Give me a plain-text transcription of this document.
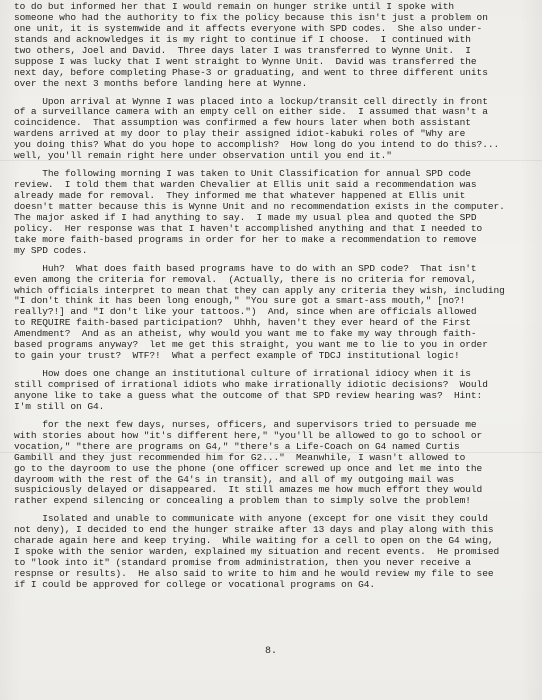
to do but informed her that I would remain on hunger strike until I spoke with
someone who had the authority to fix the policy because this isn't just a problem on
one unit, it is systemwide and it affects everyone with SPD codes.  She also under-
stands and acknowledges it is my right to continue if I choose.  I continued with
two others, Joel and David.  Three days later I was transferred to Wynne Unit.  I
suppose I was lucky that I went straight to Wynne Unit.  David was transferred the
next day, before completing Phase-3 or graduating, and went to three different units
over the next 3 months before landing here at Wynne.
Upon arrival at Wynne I was placed into a lockup/transit cell directly in front
of a surveillance camera with an empty cell on either side.  I assumed that wasn't a
coincidence.  That assumption was confirmed a few hours later when both assistant
wardens arrived at my door to play their assigned idiot-kabuki roles of "Why are
you doing this? What do you hope to accomplish?  How long do you intend to do this?...
well, you'll remain right here under observation until you end it."
The following morning I was taken to Unit Classification for annual SPD code
review.  I told them that warden Chevalier at Ellis unit said a recommendation was
already made for removal.  They informed me that whatever happened at Ellis unit
doesn't matter because this is Wynne Unit and no recommendation exists in the computer.
The major asked if I had anything to say.  I made my usual plea and quoted the SPD
policy.  Her response was that I haven't accomplished anything and that I needed to
take more faith-based programs in order for her to make a recommendation to remove
my SPD codes.
Huh?  What does faith based programs have to do with an SPD code?  That isn't
even among the criteria for removal.  (Actually, there is no criteria for removal,
which officials interpret to mean that they can apply any criteria they wish, including
"I don't think it has been long enough," "You sure got a smart-ass mouth," [no?!
really?!] and "I don't like your tattoos.")  And, since when are officials allowed
to REQUIRE faith-based participation?  Uhhh, haven't they ever heard of the First
Amendment?  And as an atheist, why would you want me to fake my way through faith-
based programs anyway?  let me get this straight, you want me to lie to you in order
to gain your trust?  WTF?!  What a perfect example of TDCJ institutional logic!
How does one change an institutional culture of irrational idiocy when it is
still comprised of irrational idiots who make irrationally idiotic decisions?  Would
anyone like to take a guess what the outcome of that SPD review hearing was?  Hint:
I'm still on G4.
for the next few days, nurses, officers, and supervisors tried to persuade me
with stories about how "it's different here," "you'll be allowed to go to school or
vocation," "there are programs on G4," "there's a Life-Coach on G4 named Curtis
Gambill and they just recommended him for G2..."  Meanwhile, I wasn't allowed to
go to the dayroom to use the phone (one officer screwed up once and let me into the
dayroom with the rest of the G4's in transit), and all of my outgoing mail was
suspiciously delayed or disappeared.  It still amazes me how much effort they would
rather expend silencing or concealing a problem than to simply solve the problem!
Isolated and unable to communicate with anyone (except for one visit they could
not deny), I decided to end the hunger straike after 13 days and play along with this
charade again here and keep trying.  While waiting for a cell to open on the G4 wing,
I spoke with the senior warden, explained my situation and recent events.  He promised
to "look into it" (standard promise from administration, then you never receive a
respnse or results).  He also said to write to him and he would review my file to see
if I could be approved for college or vocational programs on G4.
8.
